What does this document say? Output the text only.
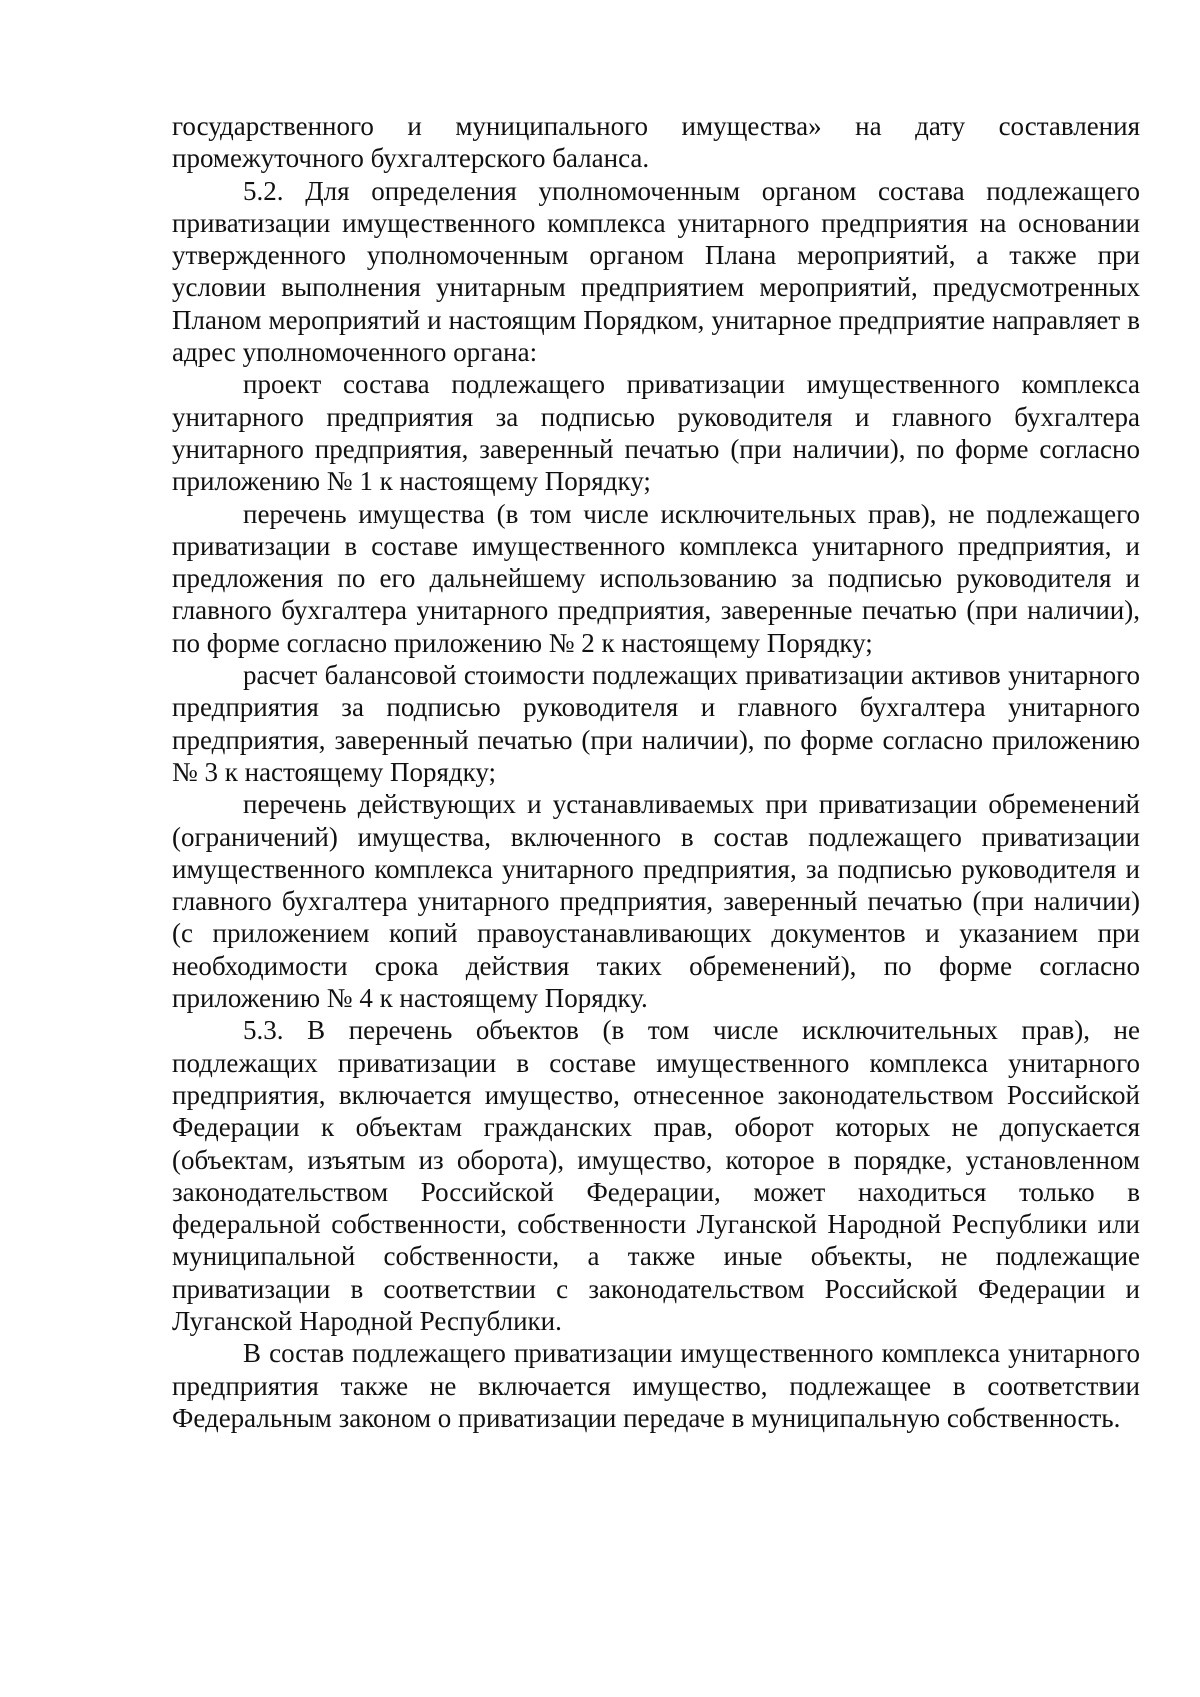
государственного и муниципального имущества» на дату составления промежуточного бухгалтерского баланса.

5.2. Для определения уполномоченным органом состава подлежащего приватизации имущественного комплекса унитарного предприятия на основании утвержденного уполномоченным органом Плана мероприятий, а также при условии выполнения унитарным предприятием мероприятий, предусмотренных Планом мероприятий и настоящим Порядком, унитарное предприятие направляет в адрес уполномоченного органа:

проект состава подлежащего приватизации имущественного комплекса унитарного предприятия за подписью руководителя и главного бухгалтера унитарного предприятия, заверенный печатью (при наличии), по форме согласно приложению № 1 к настоящему Порядку;

перечень имущества (в том числе исключительных прав), не подлежащего приватизации в составе имущественного комплекса унитарного предприятия, и предложения по его дальнейшему использованию за подписью руководителя и главного бухгалтера унитарного предприятия, заверенные печатью (при наличии), по форме согласно приложению № 2 к настоящему Порядку;

расчет балансовой стоимости подлежащих приватизации активов унитарного предприятия за подписью руководителя и главного бухгалтера унитарного предприятия, заверенный печатью (при наличии), по форме согласно приложению № 3 к настоящему Порядку;

перечень действующих и устанавливаемых при приватизации обременений (ограничений) имущества, включенного в состав подлежащего приватизации имущественного комплекса унитарного предприятия, за подписью руководителя и главного бухгалтера унитарного предприятия, заверенный печатью (при наличии) (с приложением копий правоустанавливающих документов и указанием при необходимости срока действия таких обременений), по форме согласно приложению № 4 к настоящему Порядку.

5.3. В перечень объектов (в том числе исключительных прав), не подлежащих приватизации в составе имущественного комплекса унитарного предприятия, включается имущество, отнесенное законодательством Российской Федерации к объектам гражданских прав, оборот которых не допускается (объектам, изъятым из оборота), имущество, которое в порядке, установленном законодательством Российской Федерации, может находиться только в федеральной собственности, собственности Луганской Народной Республики или муниципальной собственности, а также иные объекты, не подлежащие приватизации в соответствии с законодательством Российской Федерации и Луганской Народной Республики.

В состав подлежащего приватизации имущественного комплекса унитарного предприятия также не включается имущество, подлежащее в соответствии Федеральным законом о приватизации передаче в муниципальную собственность.
